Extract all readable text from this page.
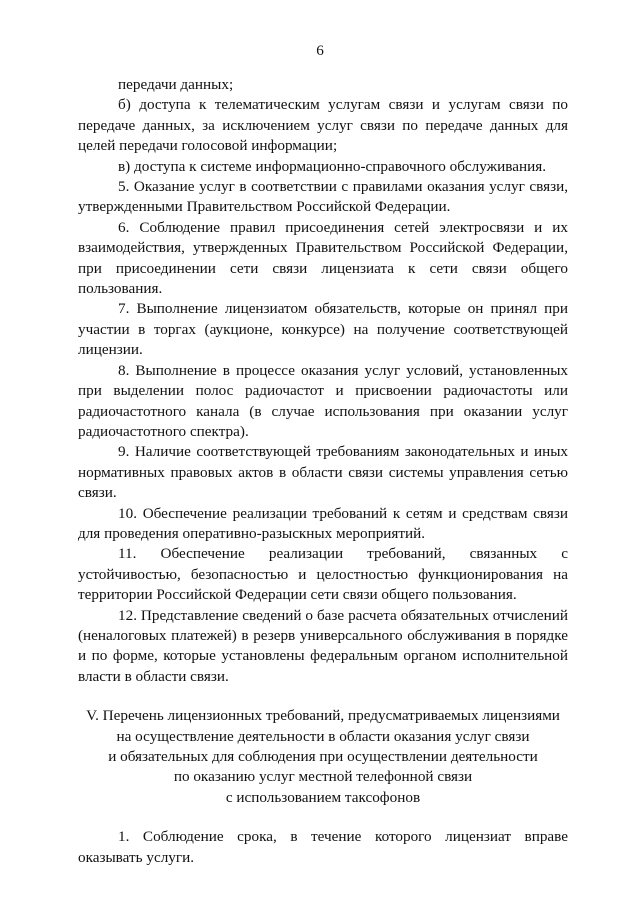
6

передачи данных;

б) доступа к телематическим услугам связи и услугам связи по передаче данных, за исключением услуг связи по передаче данных для целей передачи голосовой информации;

в) доступа к системе информационно-справочного обслуживания.

5. Оказание услуг в соответствии с правилами оказания услуг связи, утвержденными Правительством Российской Федерации.

6. Соблюдение правил присоединения сетей электросвязи и их взаимодействия, утвержденных Правительством Российской Федерации, при присоединении сети связи лицензиата к сети связи общего пользования.

7. Выполнение лицензиатом обязательств, которые он принял при участии в торгах (аукционе, конкурсе) на получение соответствующей лицензии.

8. Выполнение в процессе оказания услуг условий, установленных при выделении полос радиочастот и присвоении радиочастоты или радиочастотного канала (в случае использования при оказании услуг радиочастотного спектра).

9. Наличие соответствующей требованиям законодательных и иных нормативных правовых актов в области связи системы управления сетью связи.

10. Обеспечение реализации требований к сетям и средствам связи для проведения оперативно-разыскных мероприятий.

11. Обеспечение реализации требований, связанных с устойчивостью, безопасностью и целостностью функционирования на территории Российской Федерации сети связи общего пользования.

12. Представление сведений о базе расчета обязательных отчислений (неналоговых платежей) в резерв универсального обслуживания в порядке и по форме, которые установлены федеральным органом исполнительной власти в области связи.

V. Перечень лицензионных требований, предусматриваемых лицензиями

на осуществление деятельности в области оказания услуг связи

и обязательных для соблюдения при осуществлении деятельности

по оказанию услуг местной телефонной связи

с использованием таксофонов

1. Соблюдение срока, в течение которого лицензиат вправе оказывать услуги.
